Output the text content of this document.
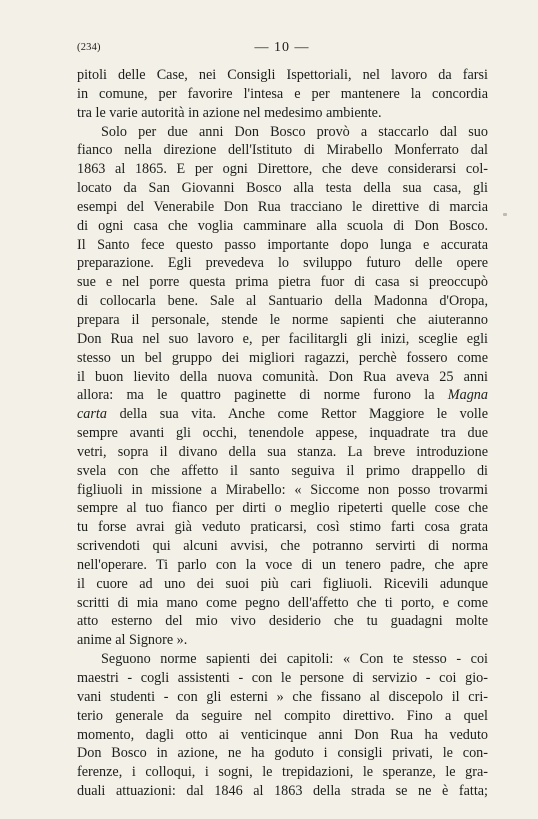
(234)	— 10 —
pitoli delle Case, nei Consigli Ispettoriali, nel lavoro da farsi
in comune, per favorire l'intesa e per mantenere la concordia
tra le varie autorità in azione nel medesimo ambiente.
Solo per due anni Don Bosco provò a staccarlo dal suo
fianco nella direzione dell'Istituto di Mirabello Monferrato dal
1863 al 1865. E per ogni Direttore, che deve considerarsi col-
locato da San Giovanni Bosco alla testa della sua casa, gli
esempi del Venerabile Don Rua tracciano le direttive di marcia
di ogni casa che voglia camminare alla scuola di Don Bosco.
Il Santo fece questo passo importante dopo lunga e accurata
preparazione. Egli prevedeva lo sviluppo futuro delle opere
sue e nel porre questa prima pietra fuor di casa si preoccupò
di collocarla bene. Sale al Santuario della Madonna d'Oropa,
prepara il personale, stende le norme sapienti che aiuteranno
Don Rua nel suo lavoro e, per facilitargli gli inizi, sceglie egli
stesso un bel gruppo dei migliori ragazzi, perchè fossero come
il buon lievito della nuova comunità. Don Rua aveva 25 anni
allora: ma le quattro paginette di norme furono la Magna
carta della sua vita. Anche come Rettor Maggiore le volle
sempre avanti gli occhi, tenendole appese, inquadrate tra due
vetri, sopra il divano della sua stanza. La breve introduzione
svela con che affetto il santo seguiva il primo drappello di
figliuoli in missione a Mirabello: « Siccome non posso trovarmi
sempre al tuo fianco per dirti o meglio ripeterti quelle cose che
tu forse avrai già veduto praticarsi, così stimo farti cosa grata
scrivendoti qui alcuni avvisi, che potranno servirti di norma
nell'operare. Ti parlo con la voce di un tenero padre, che apre
il cuore ad uno dei suoi più cari figliuoli. Ricevili adunque
scritti di mia mano come pegno dell'affetto che ti porto, e come
atto esterno del mio vivo desiderio che tu guadagni molte
anime al Signore ».
Seguono norme sapienti dei capitoli: « Con te stesso - coi
maestri - cogli assistenti - con le persone di servizio - coi gio-
vani studenti - con gli esterni » che fissano al discepolo il cri-
terio generale da seguire nel compito direttivo. Fino a quel
momento, dagli otto ai venticinque anni Don Rua ha veduto
Don Bosco in azione, ne ha goduto i consigli privati, le con-
ferenze, i colloqui, i sogni, le trepidazioni, le speranze, le gra-
duali attuazioni: dal 1846 al 1863 della strada se ne è fatta;
